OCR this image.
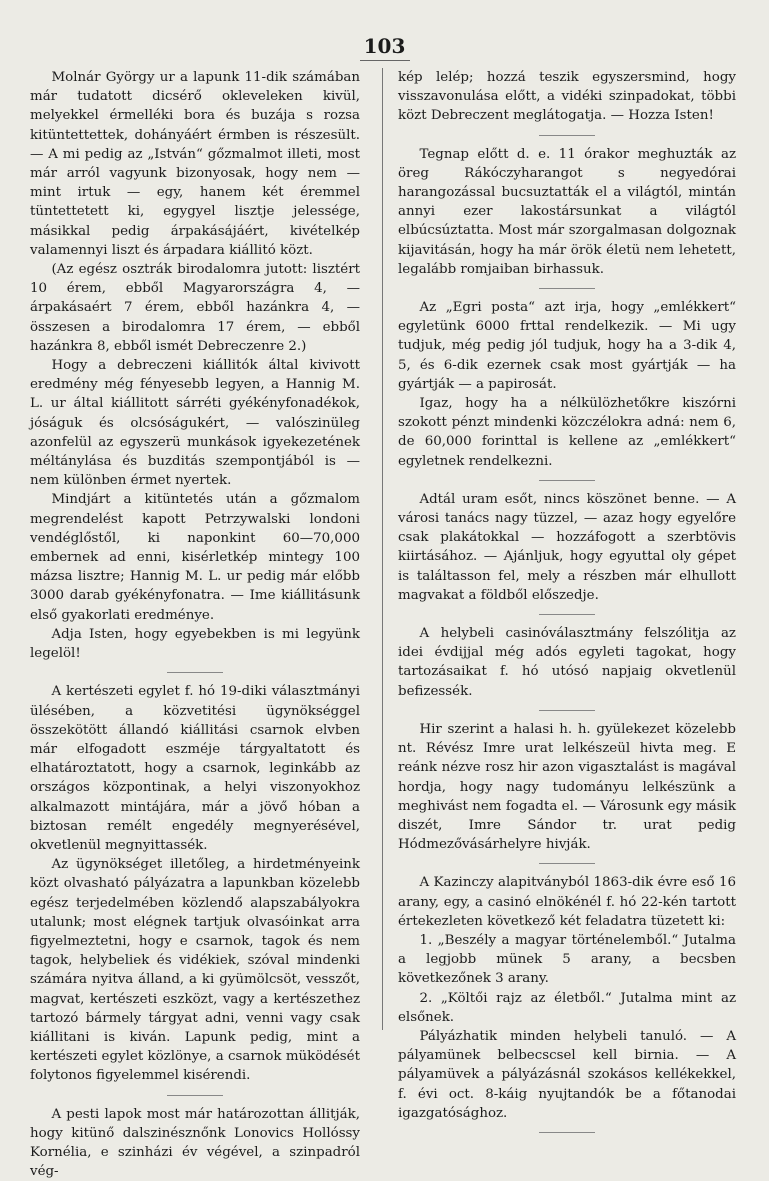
103

Molnár György ur a lapunk 11-dik számában már tudatott dicsérő okleveleken kivül, melyekkel érmelléki bora és buzája s rozsa kitüntettettek, dohányáért érmben is részesült. — A mi pedig az „István“ gőzmalmot illeti, most már arról vagyunk bizonyosak, hogy nem — mint irtuk — egy, hanem két éremmel tüntettetett ki, egygyel lisztje jelessége, másikkal pedig árpakásájáért, kivételkép valamennyi liszt és árpadara kiállitó közt.

(Az egész osztrák birodalomra jutott: lisztért 10 érem, ebből Magyarországra 4, — árpakásaért 7 érem, ebből hazánkra 4, — összesen a birodalomra 17 érem, — ebből hazánkra 8, ebből ismét Debreczenre 2.)

Hogy a debreczeni kiállitók által kivivott eredmény még fényesebb legyen, a Hannig M. L. ur által kiállitott sárréti gyékényfonadékok, jóságuk és olcsóságukért, — valószinüleg azonfelül az egyszerü munkások igyekezetének méltánylása és buzditás szempontjából is — nem különben érmet nyertek.

Mindjárt a kitüntetés után a gőzmalom megrendelést kapott Petrzywalski londoni vendéglőstől, ki naponkint 60—70,000 embernek ad enni, kisérletkép mintegy 100 mázsa lisztre; Hannig M. L. ur pedig már előbb 3000 darab gyékényfonatra. — Ime kiállitásunk első gyakorlati eredménye.

Adja Isten, hogy egyebekben is mi legyünk legelöl!

A kertészeti egylet f. hó 19-diki választmányi ülésében, a közvetitési ügynökséggel összekötött állandó kiállitási csarnok elvben már elfogadott eszméje tárgyaltatott és elhatároztatott, hogy a csarnok, leginkább az országos központinak, a helyi viszonyokhoz alkalmazott mintájára, már a jövő hóban a biztosan remélt engedély megnyerésével, okvetlenül megnyittassék.

Az ügynökséget illetőleg, a hirdetményeink közt olvasható pályázatra a lapunkban közelebb egész terjedelmében közlendő alapszabályokra utalunk; most elégnek tartjuk olvasóinkat arra figyelmeztetni, hogy e csarnok, tagok és nem tagok, helybeliek és vidékiek, szóval mindenki számára nyitva álland, a ki gyümölcsöt, vesszőt, magvat, kertészeti eszközt, vagy a kertészethez tartozó bármely tárgyat adni, venni vagy csak kiállitani is kiván. Lapunk pedig, mint a kertészeti egylet közlönye, a csarnok müködését folytonos figyelemmel kisérendi.

A pesti lapok most már határozottan állitják, hogy kitünő dalszinésznőnk Lonovics Hollóssy Kornélia, e szinházi év végével, a szinpadról vég-

kép lelép; hozzá teszik egyszersmind, hogy visszavonulása előtt, a vidéki szinpadokat, többi közt Debreczent meglátogatja. — Hozza Isten!

Tegnap előtt d. e. 11 órakor meghuzták az öreg Rákóczyharangot s negyedórai harangozással bucsuztatták el a világtól, mintán annyi ezer lakostársunkat a világtól elbúcsúztatta. Most már szorgalmasan dolgoznak kijavitásán, hogy ha már örök életü nem lehetett, legalább romjaiban birhassuk.

Az „Egri posta“ azt irja, hogy „emlékkert“ egyletünk 6000 frttal rendelkezik. — Mi ugy tudjuk, még pedig jól tudjuk, hogy ha a 3-dik 4, 5, és 6-dik ezernek csak most gyártják — ha gyártják — a papirosát.

Igaz, hogy ha a nélkülözhetőkre kiszórni szokott pénzt mindenki közczélokra adná: nem 6, de 60,000 forinttal is kellene az „emlékkert“ egyletnek rendelkezni.

Adtál uram esőt, nincs köszönet benne. — A városi tanács nagy tüzzel, — azaz hogy egyelőre csak plakátokkal — hozzáfogott a szerbtövis kiirtásához. — Ajánljuk, hogy egyuttal oly gépet is találtasson fel, mely a részben már elhullott magvakat a földből előszedje.

A helybeli casinóválasztmány felszólitja az idei évdijjal még adós egyleti tagokat, hogy tartozásaikat f. hó utósó napjaig okvetlenül befizessék.

Hir szerint a halasi h. h. gyülekezet közelebb nt. Révész Imre urat lelkészeül hivta meg. E reánk nézve rosz hir azon vigasztalást is magával hordja, hogy nagy tudományu lelkészünk a meghivást nem fogadta el. — Városunk egy másik diszét, Imre Sándor tr. urat pedig Hódmezővásárhelyre hivják.

A Kazinczy alapitványból 1863-dik évre eső 16 arany, egy, a casinó elnökénél f. hó 22-kén tartott értekezleten következő két feladatra tüzetett ki:

1. „Beszély a magyar történelemből.“ Jutalma a legjobb münek 5 arany, a becsben következőnek 3 arany.

2. „Költői rajz az életből.“ Jutalma mint az elsőnek.

Pályázhatik minden helybeli tanuló. — A pályamünek belbecscsel kell birnia. — A pályamüvek a pályázásnál szokásos kellékekkel, f. évi oct. 8-káig nyujtandók be a főtanodai igazgatósághoz.
